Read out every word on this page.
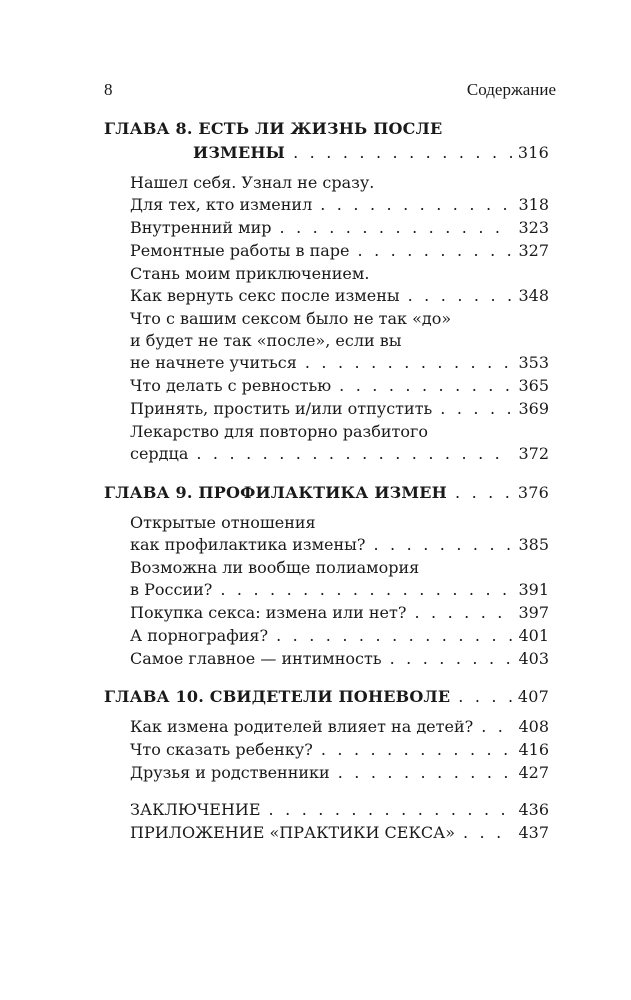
8	Содержание
ГЛАВА 8. ЕСТЬ ЛИ ЖИЗНЬ ПОСЛЕ
ИЗМЕНЫ . . .	316
Нашел себя. Узнал не сразу.
Для тех, кто изменил . . .	318
Внутренний мир . . .	323
Ремонтные работы в паре . . .	327
Стань моим приключением.
Как вернуть секс после измены . . .	348
Что с вашим сексом было не так «до»
и будет не так «после», если вы
не начнете учиться . . .	353
Что делать с ревностью . . .	365
Принять, простить и/или отпустить . . .	369
Лекарство для повторно разбитого
сердца . . .	372
ГЛАВА 9. ПРОФИЛАКТИКА ИЗМЕН . . .	376
Открытые отношения
как профилактика измены? . . .	385
Возможна ли вообще полиамория
в России? . . .	391
Покупка секса: измена или нет? . . .	397
А порнография? . . .	401
Самое главное — интимность . . .	403
ГЛАВА 10. СВИДЕТЕЛИ ПОНЕВОЛЕ . . .	407
Как измена родителей влияет на детей? . . .	408
Что сказать ребенку? . . .	416
Друзья и родственники . . .	427
ЗАКЛЮЧЕНИЕ . . .	436
ПРИЛОЖЕНИЕ «ПРАКТИКИ СЕКСА» . . .	437
